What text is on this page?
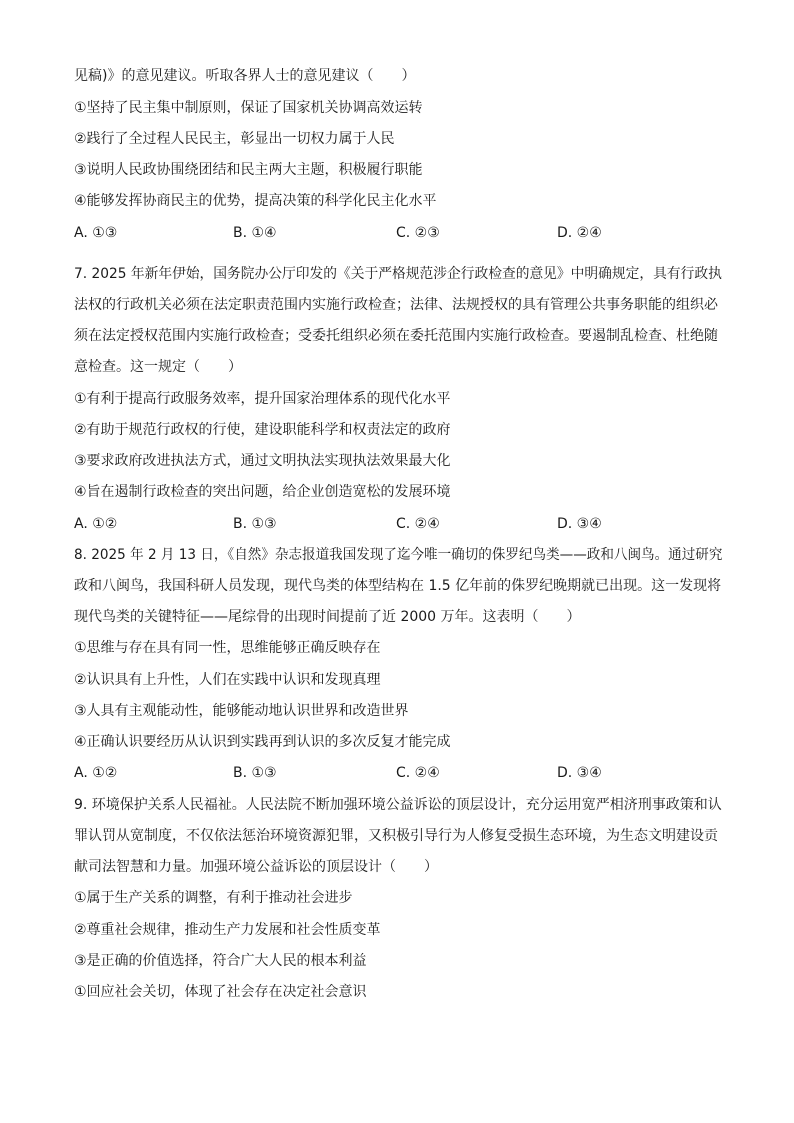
见稿)》的意见建议。听取各界人士的意见建议（　　）
①坚持了民主集中制原则，保证了国家机关协调高效运转
②践行了全过程人民民主，彰显出一切权力属于人民
③说明人民政协围绕团结和民主两大主题，积极履行职能
④能够发挥协商民主的优势，提高决策的科学化民主化水平
A. ①③	B. ①④	C. ②③	D. ②④
7. 2025 年新年伊始，国务院办公厅印发的《关于严格规范涉企行政检查的意见》中明确规定，具有行政执
法权的行政机关必须在法定职责范围内实施行政检查；法律、法规授权的具有管理公共事务职能的组织必
须在法定授权范围内实施行政检查；受委托组织必须在委托范围内实施行政检查。要遏制乱检查、杜绝随
意检查。这一规定（　　）
①有利于提高行政服务效率，提升国家治理体系的现代化水平
②有助于规范行政权的行使，建设职能科学和权责法定的政府
③要求政府改进执法方式，通过文明执法实现执法效果最大化
④旨在遏制行政检查的突出问题，给企业创造宽松的发展环境
A. ①②	B. ①③	C. ②④	D. ③④
8. 2025 年 2 月 13 日，《自然》杂志报道我国发现了迄今唯一确切的侏罗纪鸟类——政和八闽鸟。通过研究
政和八闽鸟，我国科研人员发现，现代鸟类的体型结构在 1.5 亿年前的侏罗纪晚期就已出现。这一发现将
现代鸟类的关键特征——尾综骨的出现时间提前了近 2000 万年。这表明（　　）
①思维与存在具有同一性，思维能够正确反映存在
②认识具有上升性，人们在实践中认识和发现真理
③人具有主观能动性，能够能动地认识世界和改造世界
④正确认识要经历从认识到实践再到认识的多次反复才能完成
A. ①②	B. ①③	C. ②④	D. ③④
9. 环境保护关系人民福祉。人民法院不断加强环境公益诉讼的顶层设计，充分运用宽严相济刑事政策和认
罪认罚从宽制度，不仅依法惩治环境资源犯罪，又积极引导行为人修复受损生态环境，为生态文明建设贡
献司法智慧和力量。加强环境公益诉讼的顶层设计（　　）
①属于生产关系的调整，有利于推动社会进步
②尊重社会规律，推动生产力发展和社会性质变革
③是正确的价值选择，符合广大人民的根本利益
①回应社会关切，体现了社会存在决定社会意识
